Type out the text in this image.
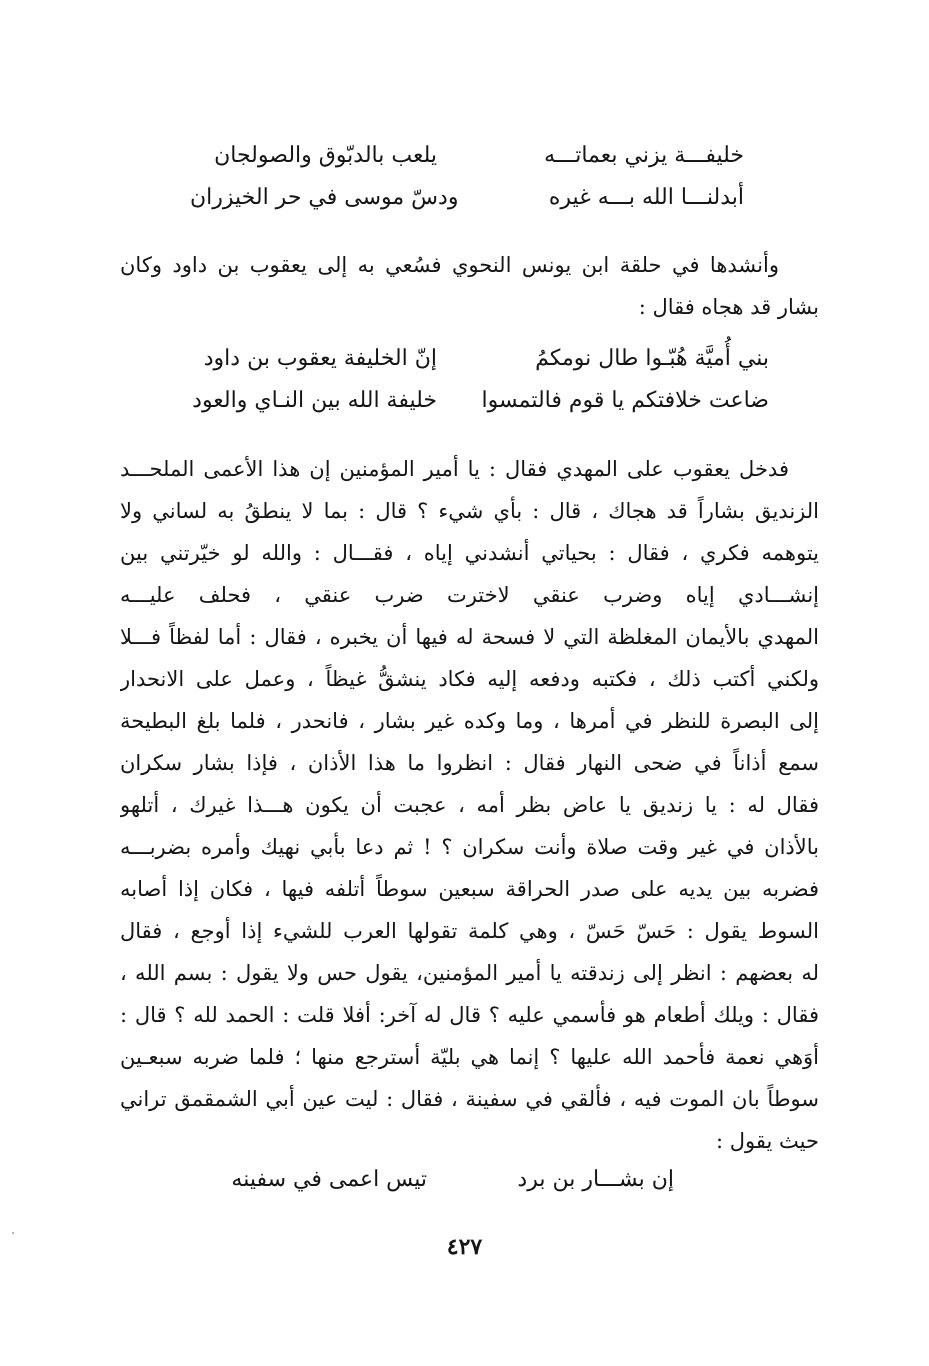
خليفـــة يزني بعماتـــه
يلعب بالدبّوق والصولجان
أبدلنـــا الله بـــه غيره
ودسّ موسى في حر الخيزران

وأنشدها في حلقة ابن يونس النحوي فسُعي به إلى يعقوب بن داود وكان

بشار قد هجاه فقال :

بني أُميَّة هُبّـوا طال نومكمُ
إنّ الخليفة يعقوب بن داود
ضاعت خلافتكم يا قوم فالتمسوا
خليفة الله بين النـاي والعود

فدخل يعقوب على المهدي فقال : يا أمير المؤمنين إن هذا الأعمى الملحـــد

الزنديق بشاراً قد هجاك ، قال : بأي شيء ؟ قال : بما لا ينطقُ به لساني ولا

يتوهمه فكري ، فقال : بحياتي أنشدني إياه ، فقـــال : والله لو خيّرتني بين

إنشـــادي إياه وضرب عنقي لاخترت ضرب عنقي ، فحلف عليـــه

المهدي بالأيمان المغلظة التي لا فسحة له فيها أن يخبره ، فقال : أما لفظاً فـــلا

ولكني أكتب ذلك ، فكتبه ودفعه إليه فكاد ينشقُّ غيظاً ، وعمل على الانحدار

إلى البصرة للنظر في أمرها ، وما وكده غير بشار ، فانحدر ، فلما بلغ البطيحة

سمع أذاناً في ضحى النهار فقال : انظروا ما هذا الأذان ، فإذا بشار سكران

فقال له : يا زنديق يا عاض بظر أمه ، عجبت أن يكون هـــذا غيرك ، أتلهو

بالأذان في غير وقت صلاة وأنت سكران ؟ ! ثم دعا بأبي نهيك وأمره بضربـــه

فضربه بين يديه على صدر الحراقة سبعين سوطاً أتلفه فيها ، فكان إذا أصابه

السوط يقول : حَسّ حَسّ ، وهي كلمة تقولها العرب للشيء إذا أوجع ، فقال

له بعضهم : انظر إلى زندقته يا أمير المؤمنين، يقول حس ولا يقول : بسم الله ،

فقال : ويلك أطعام هو فأسمي عليه ؟ قال له آخر: أفلا قلت : الحمد لله ؟ قال :

أوَهي نعمة فأحمد الله عليها ؟ إنما هي بليّة أسترجع منها ؛ فلما ضربه سبعـين

سوطاً بان الموت فيه ، فألقي في سفينة ، فقال : ليت عين أبي الشمقمق تراني

حيث يقول :

إن بشـــار بن برد
تيس اعمى في سفينه
٤٢٧
